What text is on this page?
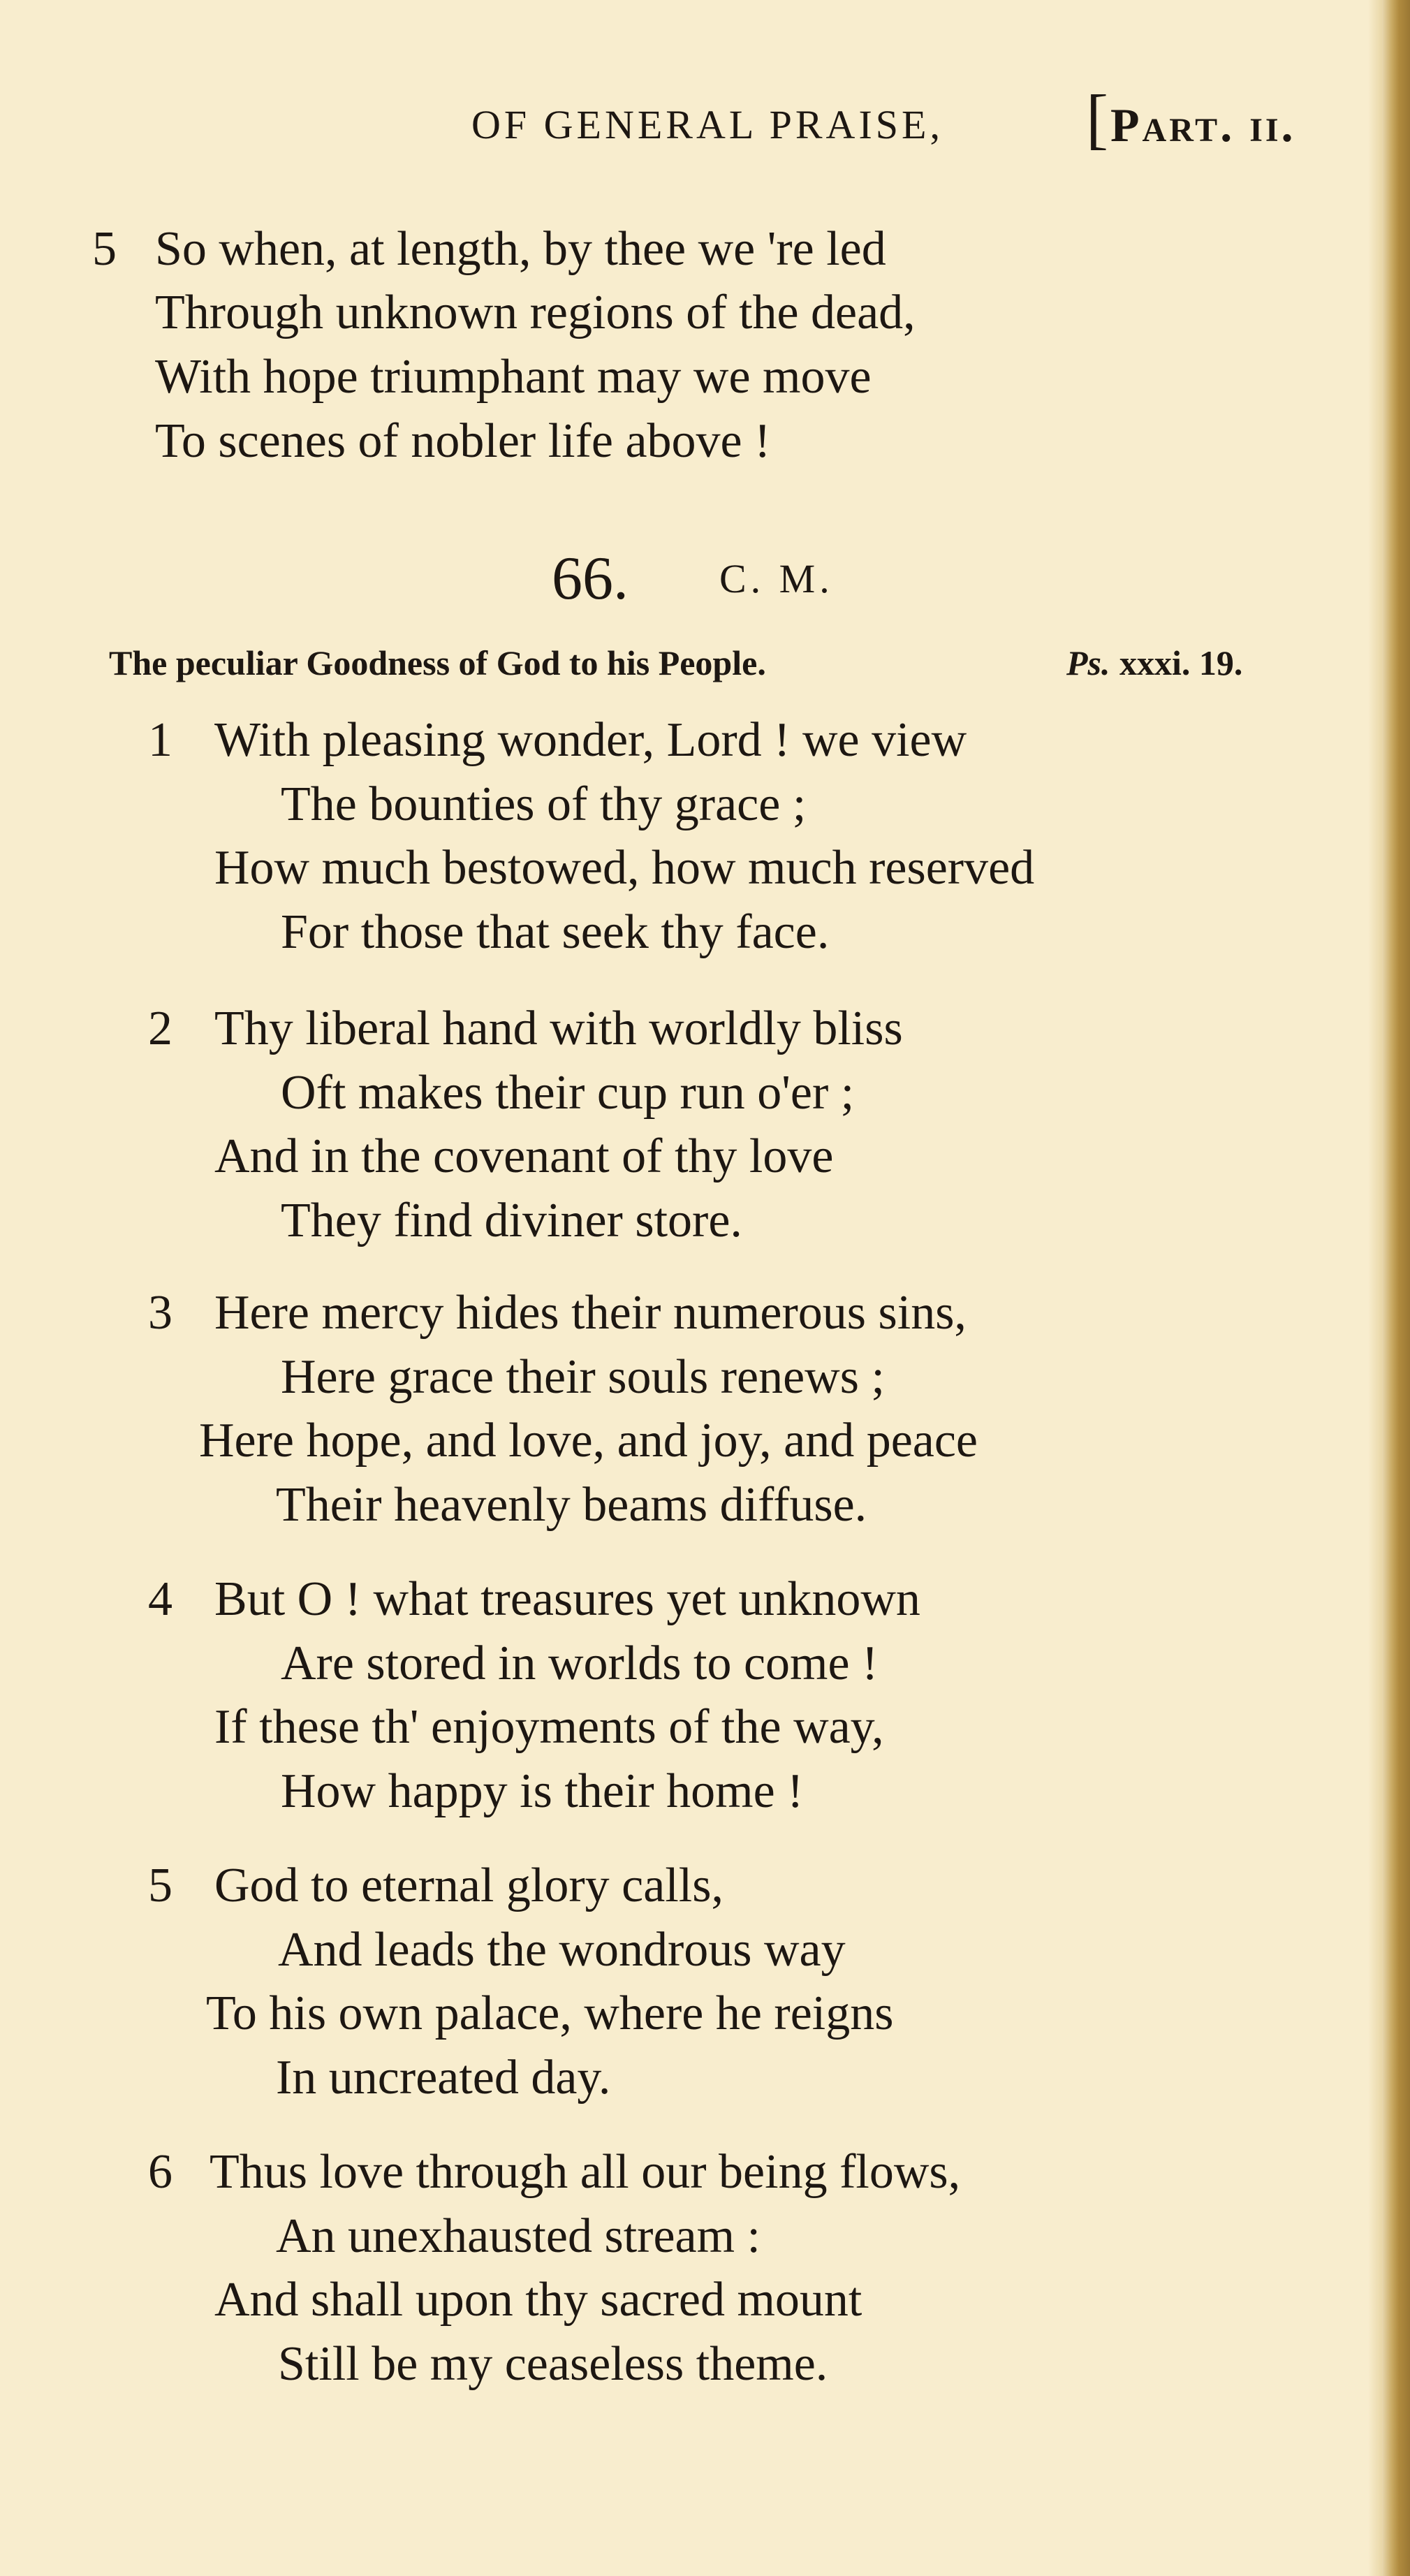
OF GENERAL PRAISE, [ Part. ii.
5 So when, at length, by thee we 're led
Through unknown regions of the dead,
With hope triumphant may we move
To scenes of nobler life above !
66. C. M.
The peculiar Goodness of God to his People.	Ps. xxxi. 19.
1 With pleasing wonder, Lord ! we view
The bounties of thy grace ;
How much bestowed, how much reserved
For those that seek thy face.
2 Thy liberal hand with worldly bliss
Oft makes their cup run o'er ;
And in the covenant of thy love
They find diviner store.
3 Here mercy hides their numerous sins,
Here grace their souls renews ;
Here hope, and love, and joy, and peace
Their heavenly beams diffuse.
4 But O ! what treasures yet unknown
Are stored in worlds to come !
If these th' enjoyments of the way,
How happy is their home !
5 God to eternal glory calls,
And leads the wondrous way
To his own palace, where he reigns
In uncreated day.
6 Thus love through all our being flows,
An unexhausted stream :
And shall upon thy sacred mount
Still be my ceaseless theme.
